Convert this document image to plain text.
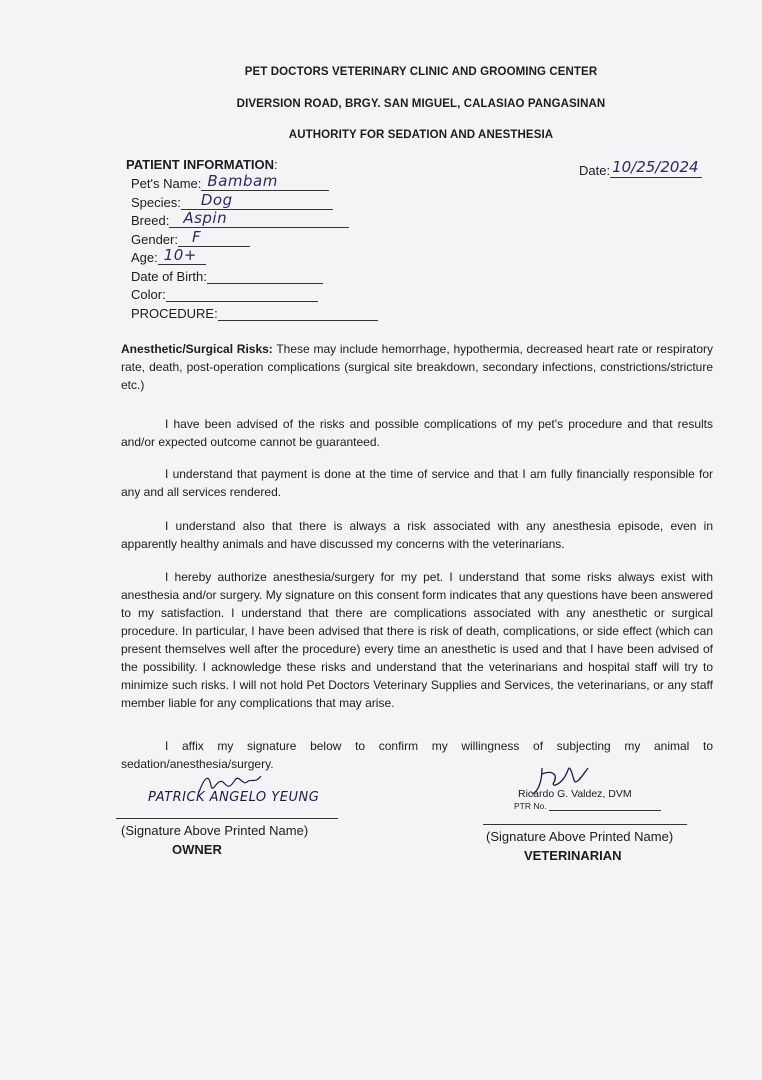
PET DOCTORS VETERINARY CLINIC AND GROOMING CENTER
DIVERSION ROAD, BRGY. SAN MIGUEL, CALASIAO PANGASINAN
AUTHORITY FOR SEDATION AND ANESTHESIA
PATIENT INFORMATION:
Pet's Name: Bambam
Species: Dog
Breed: Aspin
Gender: F
Age: 10+
Date of Birth:
Color:
PROCEDURE:
Date: 10/25/2024
Anesthetic/Surgical Risks: These may include hemorrhage, hypothermia, decreased heart rate or respiratory rate, death, post-operation complications (surgical site breakdown, secondary infections, constrictions/stricture etc.)
I have been advised of the risks and possible complications of my pet's procedure and that results and/or expected outcome cannot be guaranteed.
I understand that payment is done at the time of service and that I am fully financially responsible for any and all services rendered.
I understand also that there is always a risk associated with any anesthesia episode, even in apparently healthy animals and have discussed my concerns with the veterinarians.
I hereby authorize anesthesia/surgery for my pet. I understand that some risks always exist with anesthesia and/or surgery. My signature on this consent form indicates that any questions have been answered to my satisfaction. I understand that there are complications associated with any anesthetic or surgical procedure. In particular, I have been advised that there is risk of death, complications, or side effect (which can present themselves well after the procedure) every time an anesthetic is used and that I have been advised of the possibility. I acknowledge these risks and understand that the veterinarians and hospital staff will try to minimize such risks. I will not hold Pet Doctors Veterinary Supplies and Services, the veterinarians, or any staff member liable for any complications that may arise.
I affix my signature below to confirm my willingness of subjecting my animal to sedation/anesthesia/surgery.
PATRICK ANGELO YEUNG
(Signature Above Printed Name)
OWNER
Ricardo G. Valdez, DVM
PTR No.
(Signature Above Printed Name)
VETERINARIAN
